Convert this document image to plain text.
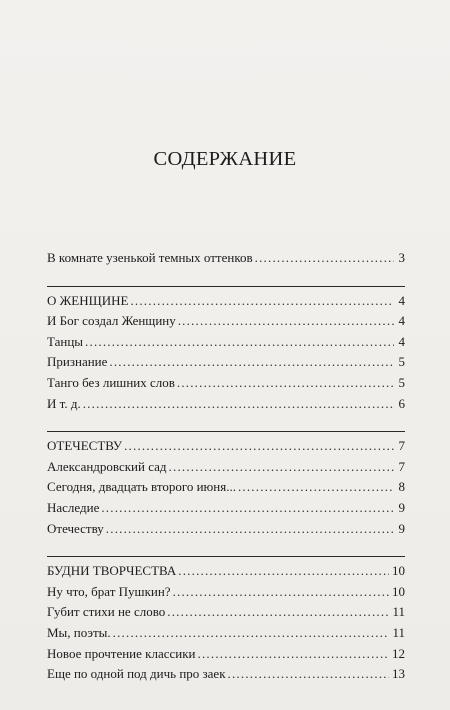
СОДЕРЖАНИЕ
В комнате узенькой темных оттенков .....	3
О ЖЕНЩИНЕ .....	4
И Бог создал Женщину .....	4
Танцы .....	4
Признание .....	5
Танго без лишних слов .....	5
И т. д. .....	6
ОТЕЧЕСТВУ .....	7
Александровский сад .....	7
Сегодня, двадцать второго июня... .....	8
Наследие .....	9
Отечеству .....	9
БУДНИ ТВОРЧЕСТВА .....	10
Ну что, брат Пушкин? .....	10
Губит стихи не слово .....	11
Мы, поэты. .....	11
Новое прочтение классики .....	12
Еще по одной под дичь про заек .....	13
